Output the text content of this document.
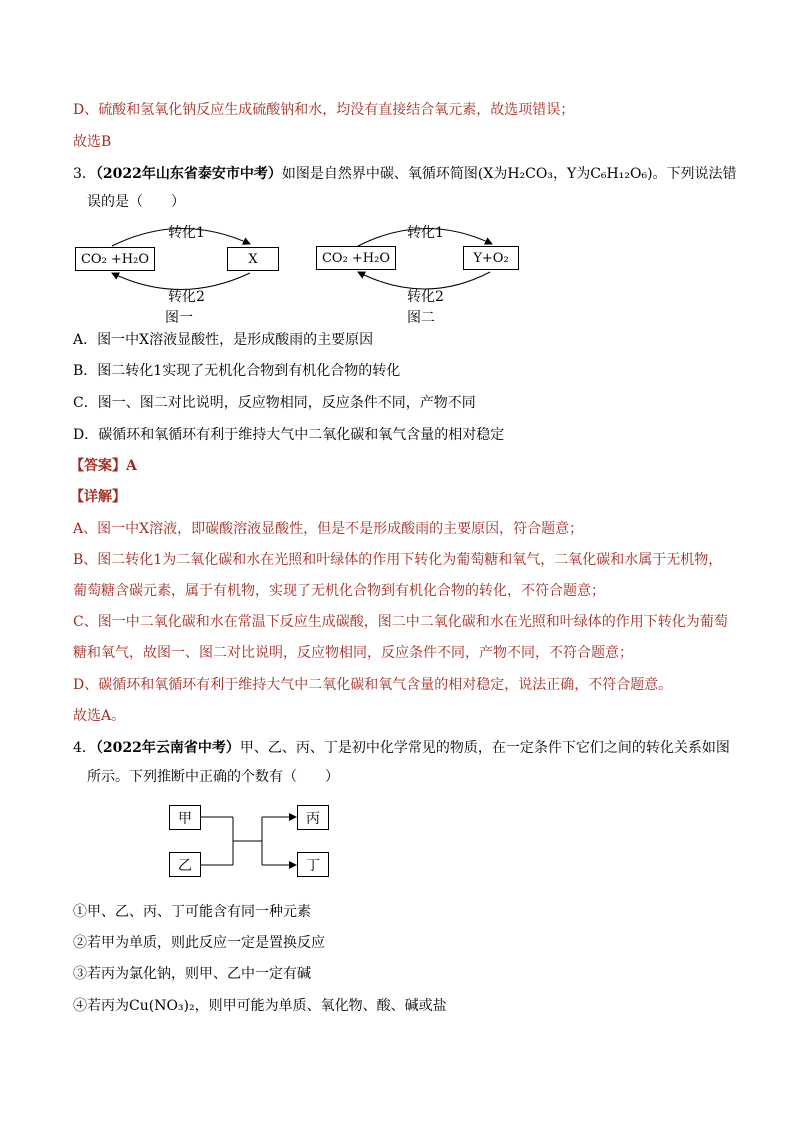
D、硫酸和氢氧化钠反应生成硫酸钠和水，均没有直接结合氧元素，故选项错误；
故选B
3．（2022年山东省泰安市中考）如图是自然界中碳、氧循环简图(X为H₂CO₃，Y为C₆H₁₂O₆)。下列说法错
误的是（　　）
转化1
CO₂ +H₂O	X
转化2
图一
转化1
CO₂ +H₂O	Y+O₂
转化2
图二
A．图一中X溶液显酸性，是形成酸雨的主要原因
B．图二转化1实现了无机化合物到有机化合物的转化
C．图一、图二对比说明，反应物相同，反应条件不同，产物不同
D．碳循环和氧循环有利于维持大气中二氧化碳和氧气含量的相对稳定
【答案】A
【详解】
A、图一中X溶液，即碳酸溶液显酸性，但是不是形成酸雨的主要原因，符合题意；
B、图二转化1为二氧化碳和水在光照和叶绿体的作用下转化为葡萄糖和氧气，二氧化碳和水属于无机物，
葡萄糖含碳元素，属于有机物，实现了无机化合物到有机化合物的转化，不符合题意；
C、图一中二氧化碳和水在常温下反应生成碳酸，图二中二氧化碳和水在光照和叶绿体的作用下转化为葡萄
糖和氧气，故图一、图二对比说明，反应物相同，反应条件不同，产物不同，不符合题意；
D、碳循环和氧循环有利于维持大气中二氧化碳和氧气含量的相对稳定，说法正确，不符合题意。
故选A。
4．（2022年云南省中考）甲、乙、丙、丁是初中化学常见的物质，在一定条件下它们之间的转化关系如图
所示。下列推断中正确的个数有（　　）
甲
乙
丙
丁
①甲、乙、丙、丁可能含有同一种元素
②若甲为单质，则此反应一定是置换反应
③若丙为氯化钠，则甲、乙中一定有碱
④若丙为Cu(NO₃)₂，则甲可能为单质、氧化物、酸、碱或盐
